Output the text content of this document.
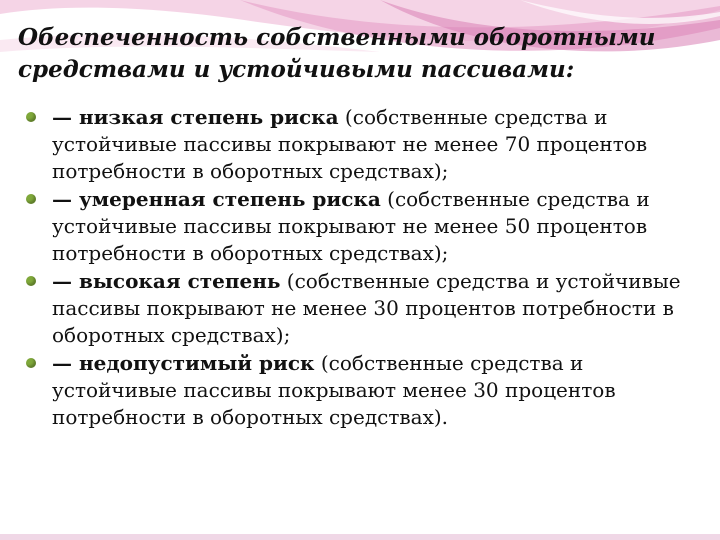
Обеспеченность собственными оборотными средствами и устойчивыми пассивами:
— низкая степень риска (собственные средства и устойчивые пассивы покрывают не менее 70 процентов потребности в оборотных средствах);
— умеренная степень риска (собственные средства и устойчивые пассивы покрывают не менее 50 процентов потребности в оборотных средствах);
— высокая степень (собственные средства и устойчивые пассивы покрывают не менее 30 процентов потребности в оборотных средствах);
— недопустимый риск (собственные средства и устойчивые пассивы покрывают менее 30 процентов потребности в оборотных средствах).
